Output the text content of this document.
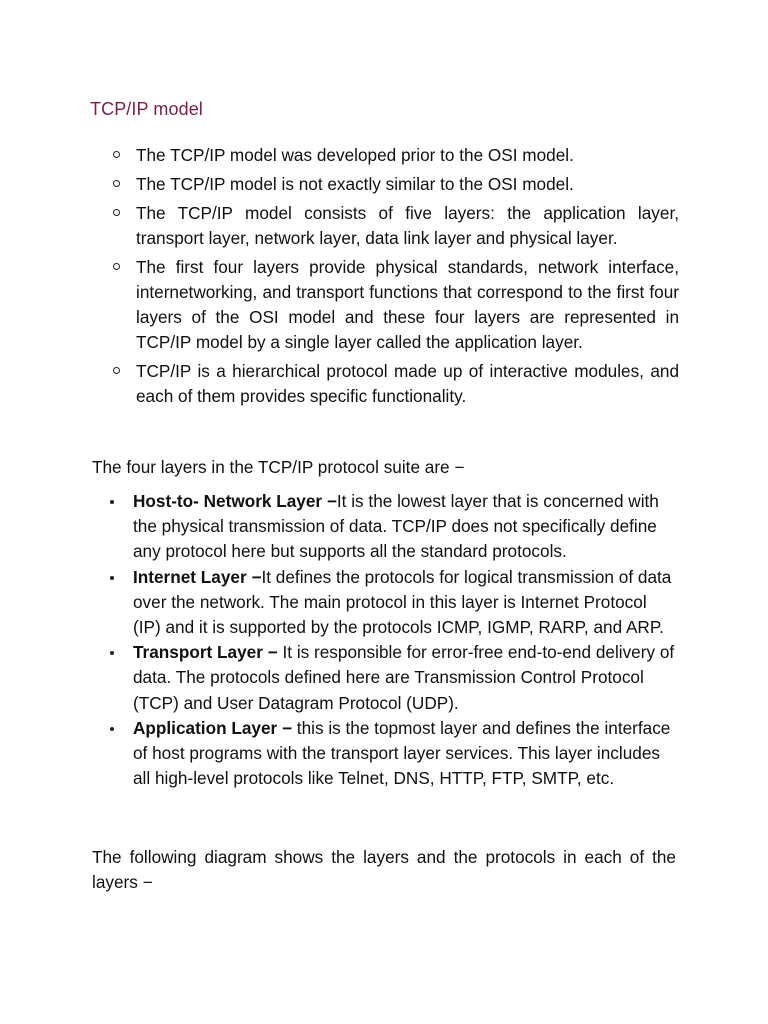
TCP/IP model
The TCP/IP model was developed prior to the OSI model.
The TCP/IP model is not exactly similar to the OSI model.
The TCP/IP model consists of five layers: the application layer, transport layer, network layer, data link layer and physical layer.
The first four layers provide physical standards, network interface, internetworking, and transport functions that correspond to the first four layers of the OSI model and these four layers are represented in TCP/IP model by a single layer called the application layer.
TCP/IP is a hierarchical protocol made up of interactive modules, and each of them provides specific functionality.
The four layers in the TCP/IP protocol suite are −
Host-to- Network Layer −It is the lowest layer that is concerned with the physical transmission of data. TCP/IP does not specifically define any protocol here but supports all the standard protocols.
Internet Layer −It defines the protocols for logical transmission of data over the network. The main protocol in this layer is Internet Protocol (IP) and it is supported by the protocols ICMP, IGMP, RARP, and ARP.
Transport Layer − It is responsible for error-free end-to-end delivery of data. The protocols defined here are Transmission Control Protocol (TCP) and User Datagram Protocol (UDP).
Application Layer − this is the topmost layer and defines the interface of host programs with the transport layer services. This layer includes all high-level protocols like Telnet, DNS, HTTP, FTP, SMTP, etc.
The following diagram shows the layers and the protocols in each of the layers −
